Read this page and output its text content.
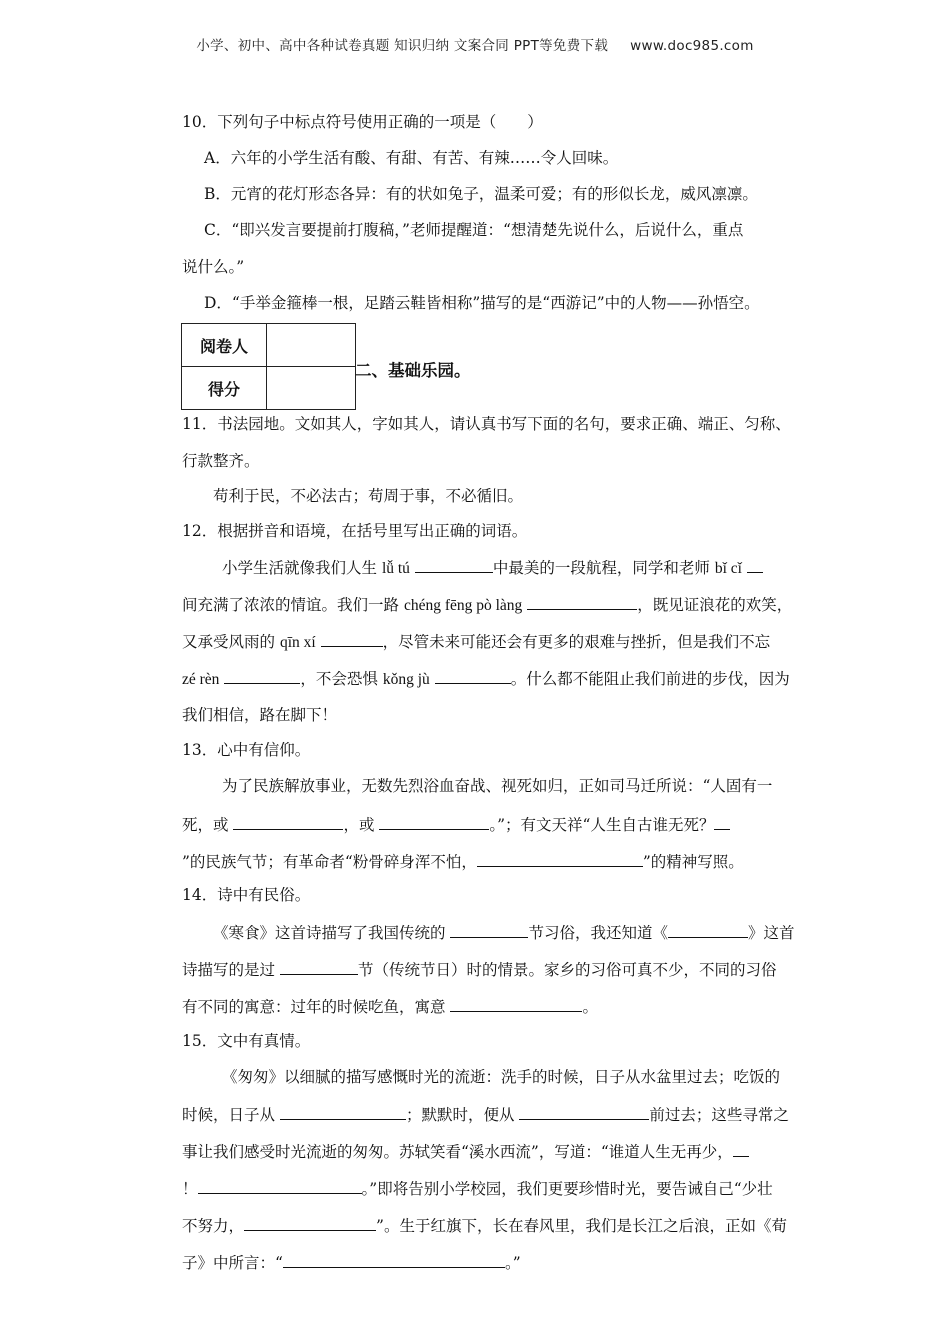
小学、初中、高中各种试卷真题 知识归纳 文案合同 PPT等免费下载 www.doc985.com
10．下列句子中标点符号使用正确的一项是（　　）
A．六年的小学生活有酸、有甜、有苦、有辣……令人回味。
B．元宵的花灯形态各异：有的状如兔子，温柔可爱；有的形似长龙，威风凛凛。
C．“即兴发言要提前打腹稿，”老师提醒道：“想清楚先说什么，后说什么，重点
说什么。”
D．“手举金箍棒一根，足踏云鞋皆相称”描写的是“西游记”中的人物——孙悟空。
阅卷人	
得分	
二、基础乐园。
11．书法园地。文如其人，字如其人，请认真书写下面的名句，要求正确、端正、匀称、
行款整齐。
苟利于民，不必法古；苟周于事，不必循旧。
12．根据拼音和语境，在括号里写出正确的词语。
小学生活就像我们人生 lǚ tú	中最美的一段航程，同学和老师 bǐ cǐ
间充满了浓浓的情谊。我们一路 chéng fēng pò làng	，既见证浪花的欢笑，
又承受风雨的 qīn xí	，尽管未来可能还会有更多的艰难与挫折，但是我们不忘
zé rèn	，不会恐惧 kǒng jù	。什么都不能阻止我们前进的步伐，因为
我们相信，路在脚下！
13．心中有信仰。
为了民族解放事业，无数先烈浴血奋战、视死如归，正如司马迁所说：“人固有一
死，或	，或	。”；有文天祥“人生自古谁无死？
”的民族气节；有革命者“粉骨碎身浑不怕，	”的精神写照。
14．诗中有民俗。
《寒食》这首诗描写了我国传统的	节习俗，我还知道《	》这首
诗描写的是过	节（传统节日）时的情景。家乡的习俗可真不少，不同的习俗
有不同的寓意：过年的时候吃鱼，寓意	。
15．文中有真情。
《匆匆》以细腻的描写感慨时光的流逝：洗手的时候，日子从水盆里过去；吃饭的
时候，日子从	；默默时，便从	前过去；这些寻常之
事让我们感受时光流逝的匆匆。苏轼笑看“溪水西流”，写道：“谁道人生无再少，
！	。”即将告别小学校园，我们更要珍惜时光，要告诫自己“少壮
不努力，	”。生于红旗下，长在春风里，我们是长江之后浪，正如《荀
子》中所言：“	。”
